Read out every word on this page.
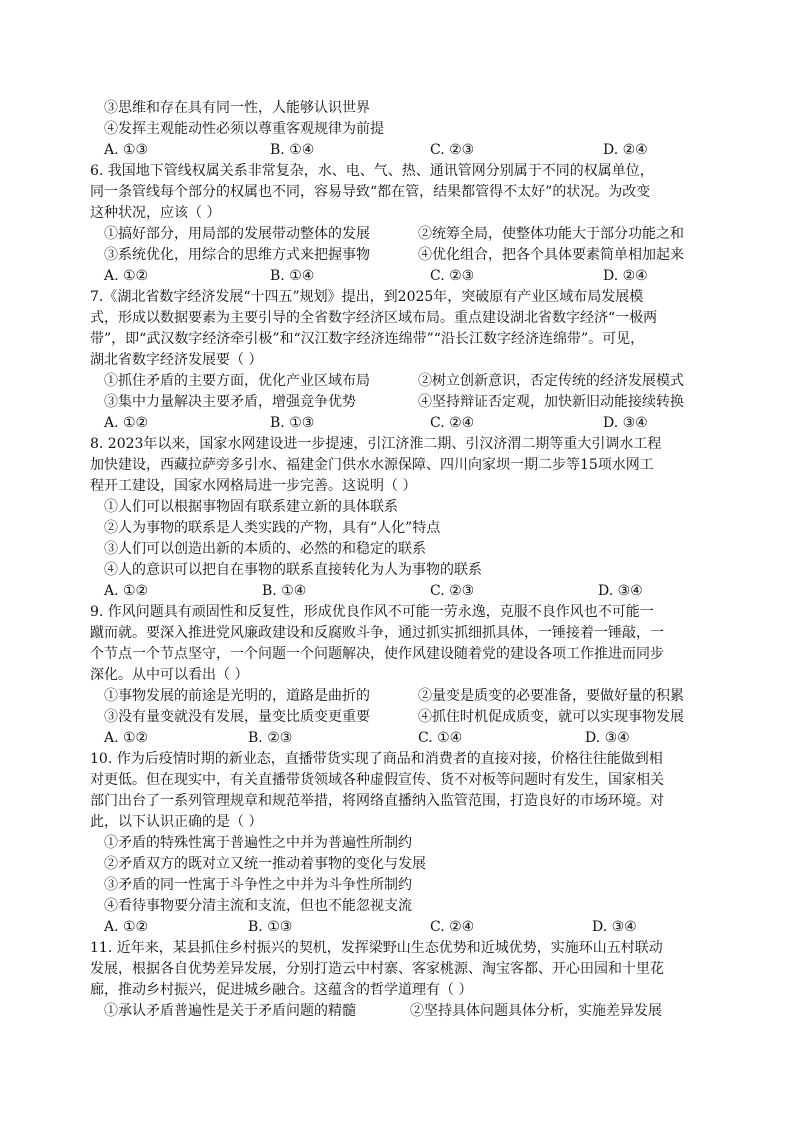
③思维和存在具有同一性，人能够认识世界
④发挥主观能动性必须以尊重客观规律为前提
A. ①③	B. ①④	C. ②③	D. ②④
6. 我国地下管线权属关系非常复杂，水、电、气、热、通讯管网分别属于不同的权属单位，
同一条管线每个部分的权属也不同，容易导致“都在管，结果都管得不太好”的状况。为改变
这种状况，应该（ ）
①搞好部分，用局部的发展带动整体的发展	②统筹全局，使整体功能大于部分功能之和
③系统优化，用综合的思维方式来把握事物	④优化组合，把各个具体要素简单相加起来
A. ①②	B. ①④	C. ②③	D. ②④
7.《湖北省数字经济发展“十四五”规划》提出，到2025年，突破原有产业区域布局发展模
式，形成以数据要素为主要引导的全省数字经济区域布局。重点建设湖北省数字经济“一极两
带”，即“武汉数字经济牵引极”和“汉江数字经济连绵带”“沿长江数字经济连绵带”。可见，
湖北省数字经济发展要（ ）
①抓住矛盾的主要方面，优化产业区域布局	②树立创新意识，否定传统的经济发展模式
③集中力量解决主要矛盾，增强竞争优势	④坚持辩证否定观，加快新旧动能接续转换
A. ①②	B. ①③	C. ②④	D. ③④
8. 2023年以来，国家水网建设进一步提速，引江济淮二期、引汉济渭二期等重大引调水工程
加快建设，西藏拉萨旁多引水、福建金门供水水源保障、四川向家坝一期二步等15项水网工
程开工建设，国家水网格局进一步完善。这说明（ ）
①人们可以根据事物固有联系建立新的具体联系
②人为事物的联系是人类实践的产物，具有“人化”特点
③人们可以创造出新的本质的、必然的和稳定的联系
④人的意识可以把自在事物的联系直接转化为人为事物的联系
A. ①②	B. ①④	C. ②③	D. ③④
9. 作风问题具有顽固性和反复性，形成优良作风不可能一劳永逸，克服不良作风也不可能一
蹴而就。要深入推进党风廉政建设和反腐败斗争，通过抓实抓细抓具体，一锤接着一锤敲，一
个节点一个节点坚守，一个问题一个问题解决，使作风建设随着党的建设各项工作推进而同步
深化。从中可以看出（ ）
①事物发展的前途是光明的，道路是曲折的	②量变是质变的必要准备，要做好量的积累
③没有量变就没有发展，量变比质变更重要	④抓住时机促成质变，就可以实现事物发展
A. ①②	B. ②③	C. ①④	D. ③④
10. 作为后疫情时期的新业态，直播带货实现了商品和消费者的直接对接，价格往往能做到相
对更低。但在现实中，有关直播带货领域各种虚假宣传、货不对板等问题时有发生，国家相关
部门出台了一系列管理规章和规范举措，将网络直播纳入监管范围，打造良好的市场环境。对
此，以下认识正确的是（ ）
①矛盾的特殊性寓于普遍性之中并为普遍性所制约
②矛盾双方的既对立又统一推动着事物的变化与发展
③矛盾的同一性寓于斗争性之中并为斗争性所制约
④看待事物要分清主流和支流，但也不能忽视支流
A. ①②	B. ①③	C. ②④	D. ③④
11. 近年来，某县抓住乡村振兴的契机，发挥梁野山生态优势和近城优势，实施环山五村联动
发展，根据各自优势差异发展，分别打造云中村寨、客家桃源、淘宝客都、开心田园和十里花
廊，推动乡村振兴，促进城乡融合。这蕴含的哲学道理有（ ）
①承认矛盾普遍性是关于矛盾问题的精髓	②坚持具体问题具体分析，实施差异发展
